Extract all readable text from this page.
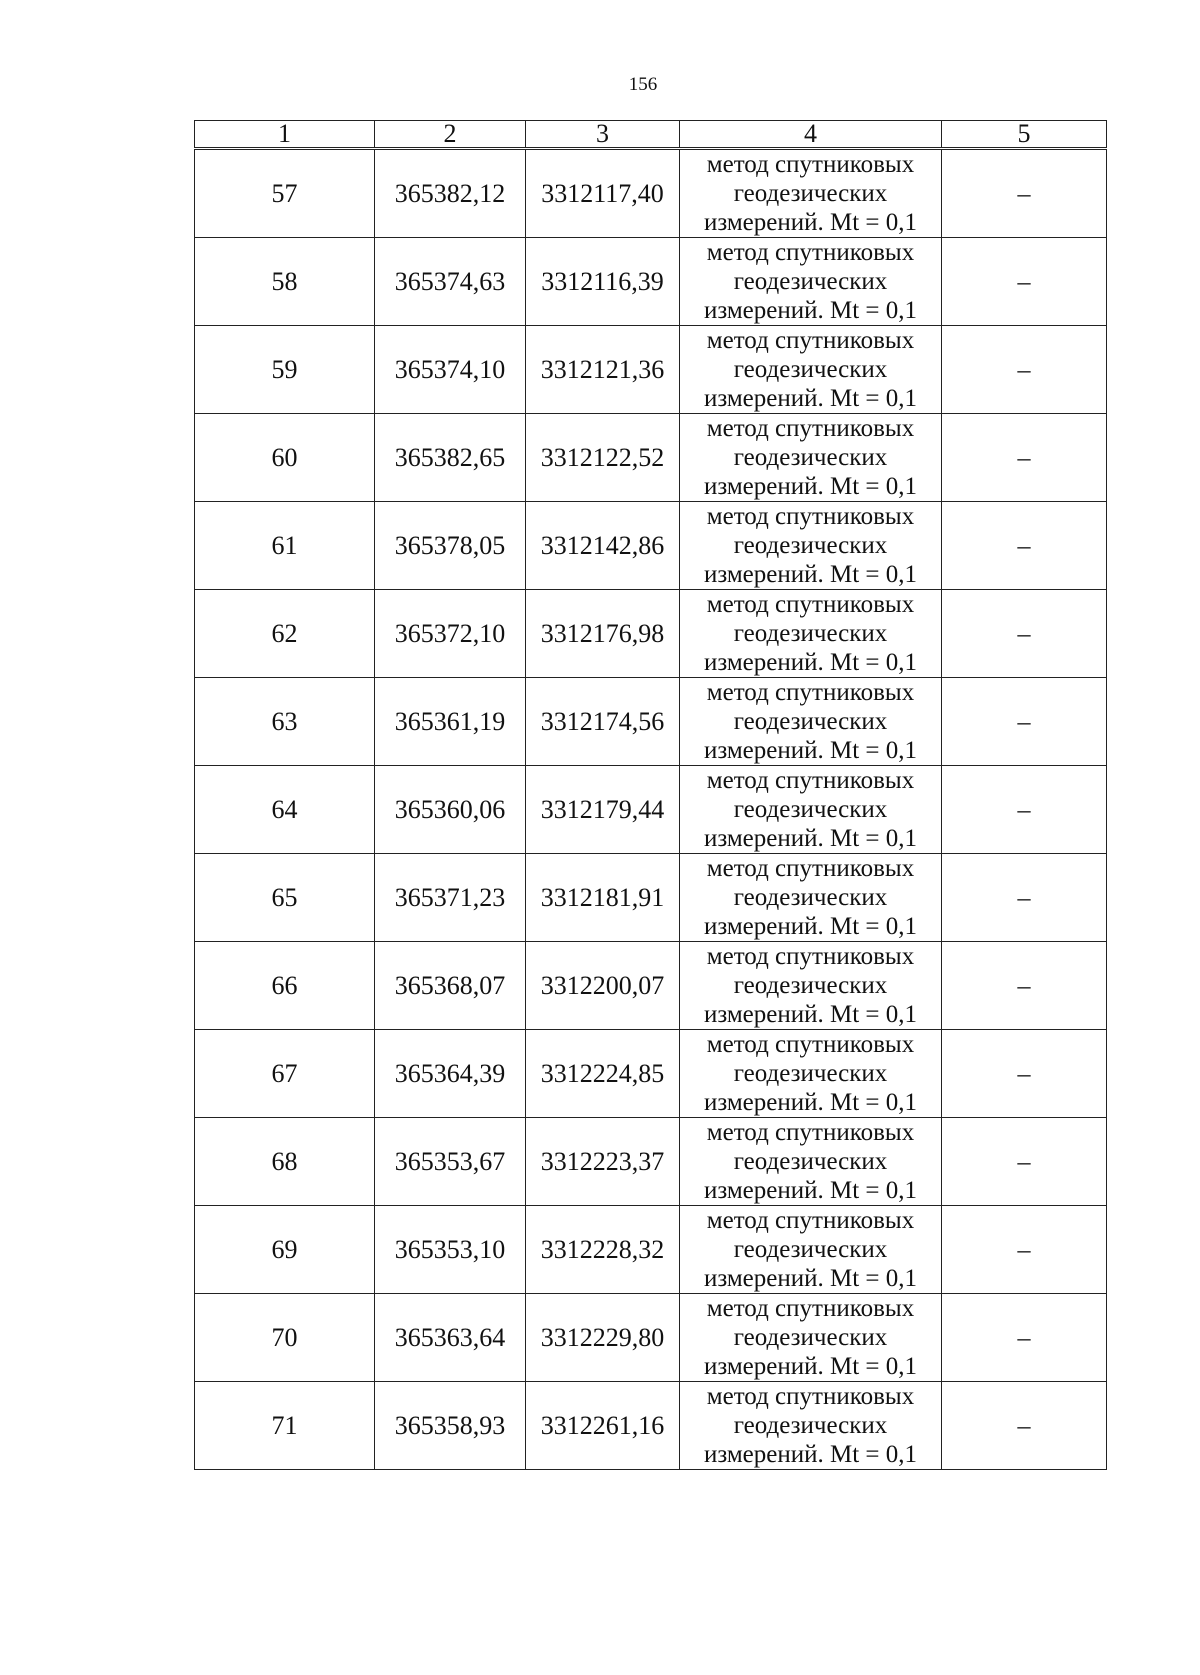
156
1	2	3	4	5
57	365382,12	3312117,40	метод спутниковых
геодезических
измерений. Mt = 0,1	–
58	365374,63	3312116,39	метод спутниковых
геодезических
измерений. Mt = 0,1	–
59	365374,10	3312121,36	метод спутниковых
геодезических
измерений. Mt = 0,1	–
60	365382,65	3312122,52	метод спутниковых
геодезических
измерений. Mt = 0,1	–
61	365378,05	3312142,86	метод спутниковых
геодезических
измерений. Mt = 0,1	–
62	365372,10	3312176,98	метод спутниковых
геодезических
измерений. Mt = 0,1	–
63	365361,19	3312174,56	метод спутниковых
геодезических
измерений. Mt = 0,1	–
64	365360,06	3312179,44	метод спутниковых
геодезических
измерений. Mt = 0,1	–
65	365371,23	3312181,91	метод спутниковых
геодезических
измерений. Mt = 0,1	–
66	365368,07	3312200,07	метод спутниковых
геодезических
измерений. Mt = 0,1	–
67	365364,39	3312224,85	метод спутниковых
геодезических
измерений. Mt = 0,1	–
68	365353,67	3312223,37	метод спутниковых
геодезических
измерений. Mt = 0,1	–
69	365353,10	3312228,32	метод спутниковых
геодезических
измерений. Mt = 0,1	–
70	365363,64	3312229,80	метод спутниковых
геодезических
измерений. Mt = 0,1	–
71	365358,93	3312261,16	метод спутниковых
геодезических
измерений. Mt = 0,1	–
